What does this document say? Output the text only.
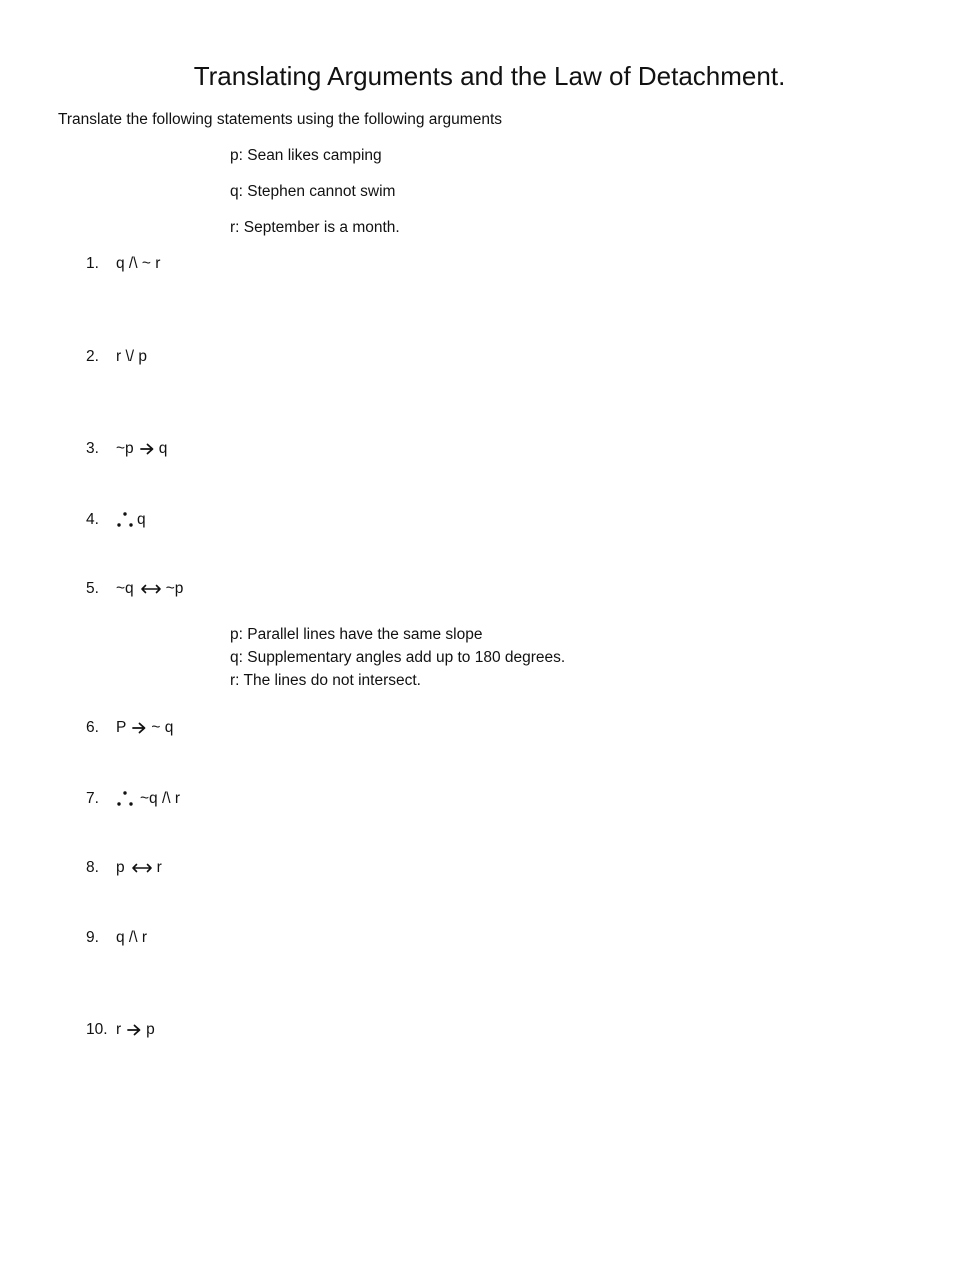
Translating Arguments and the Law of Detachment.
Translate the following statements using the following arguments
p: Sean likes camping
q: Stephen cannot swim
r: September is a month.
1.	q /\ ~ r
2.	r \/ p
3.	~p q
4.	q
5.	~q ~p
p: Parallel lines have the same slope
q: Supplementary angles add up to 180 degrees.
r: The lines do not intersect.
6.	P ~ q
7.	~q /\ r
8.	p r
9.	q /\ r
10. r p
